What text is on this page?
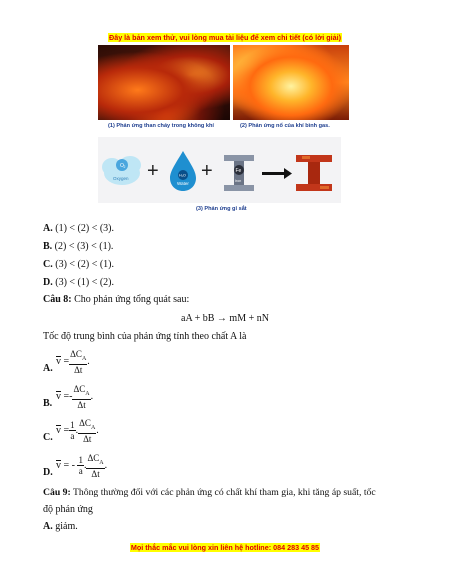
Đây là bản xem thử, vui lòng mua tài liệu để xem chi tiết (có lời giải)
(1) Phản ứng than cháy trong không khí	(2) Phản ứng nổ của khí bình gas.
O 2
Oxygen +	H₂O
Water
+	Fe
Iron
(3) Phản ứng gỉ sắt
A. (1) < (2) < (3).
B. (2) < (3) < (1).
C. (3) < (2) < (1).
D. (3) < (1) < (2).
Câu 8: Cho phản ứng tổng quát sau:
aA + bB → mM + nN
Tốc độ trung bình của phản ứng tính theo chất A là
A.
$v = \frac{\Delta C_A}{\Delta t}$ .
B.
$v =- \frac{\Delta C_A}{\Delta t}$ .
C.
$v = \frac{1}{a}$ . $\frac{\Delta C_A}{\Delta t}$ .
D.
v = - $\frac{1}{a}$ . $\frac{\Delta C_A}{\Delta t}$ .
Câu 9: Thông thường đối với các phản ứng có chất khí tham gia, khi tăng áp suất, tốc
độ phản ứng
A. giảm.
Mọi thắc mắc vui lòng xin liên hệ hotline: 084 283 45 85
